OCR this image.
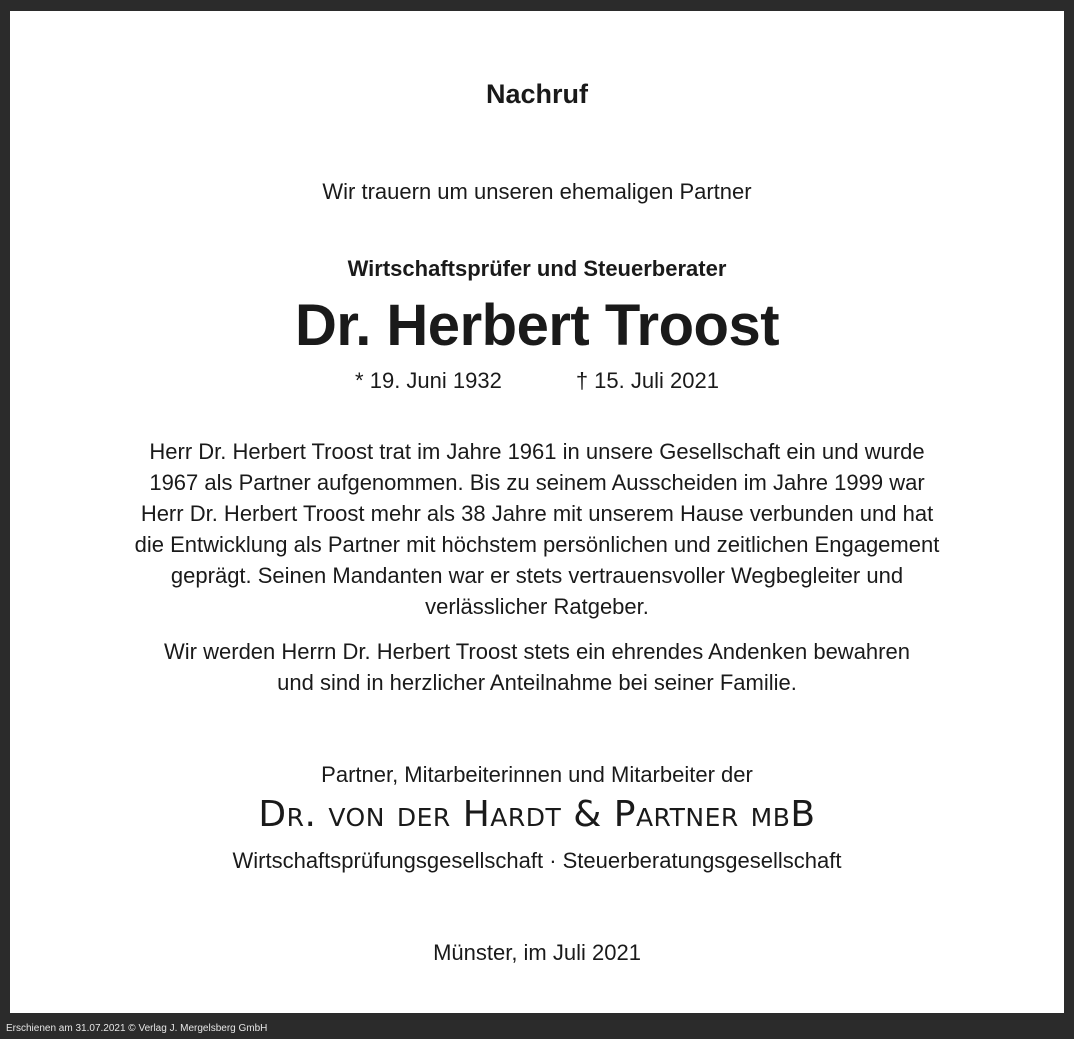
Nachruf
Wir trauern um unseren ehemaligen Partner
Wirtschaftsprüfer und Steuerberater
Dr. Herbert Troost
* 19. Juni 1932	† 15. Juli 2021

Herr Dr. Herbert Troost trat im Jahre 1961 in unsere Gesellschaft ein und wurde
1967 als Partner aufgenommen. Bis zu seinem Ausscheiden im Jahre 1999 war
Herr Dr. Herbert Troost mehr als 38 Jahre mit unserem Hause verbunden und hat
die Entwicklung als Partner mit höchstem persönlichen und zeitlichen Engagement
geprägt. Seinen Mandanten war er stets vertrauensvoller Wegbegleiter und
verlässlicher Ratgeber.

Wir werden Herrn Dr. Herbert Troost stets ein ehrendes Andenken bewahren
und sind in herzlicher Anteilnahme bei seiner Familie.

Partner, Mitarbeiterinnen und Mitarbeiter der
Dr. von der Hardt & Partner mbB
Wirtschaftsprüfungsgesellschaft · Steuerberatungsgesellschaft
Münster, im Juli 2021
Erschienen am 31.07.2021 © Verlag J. Mergelsberg GmbH
